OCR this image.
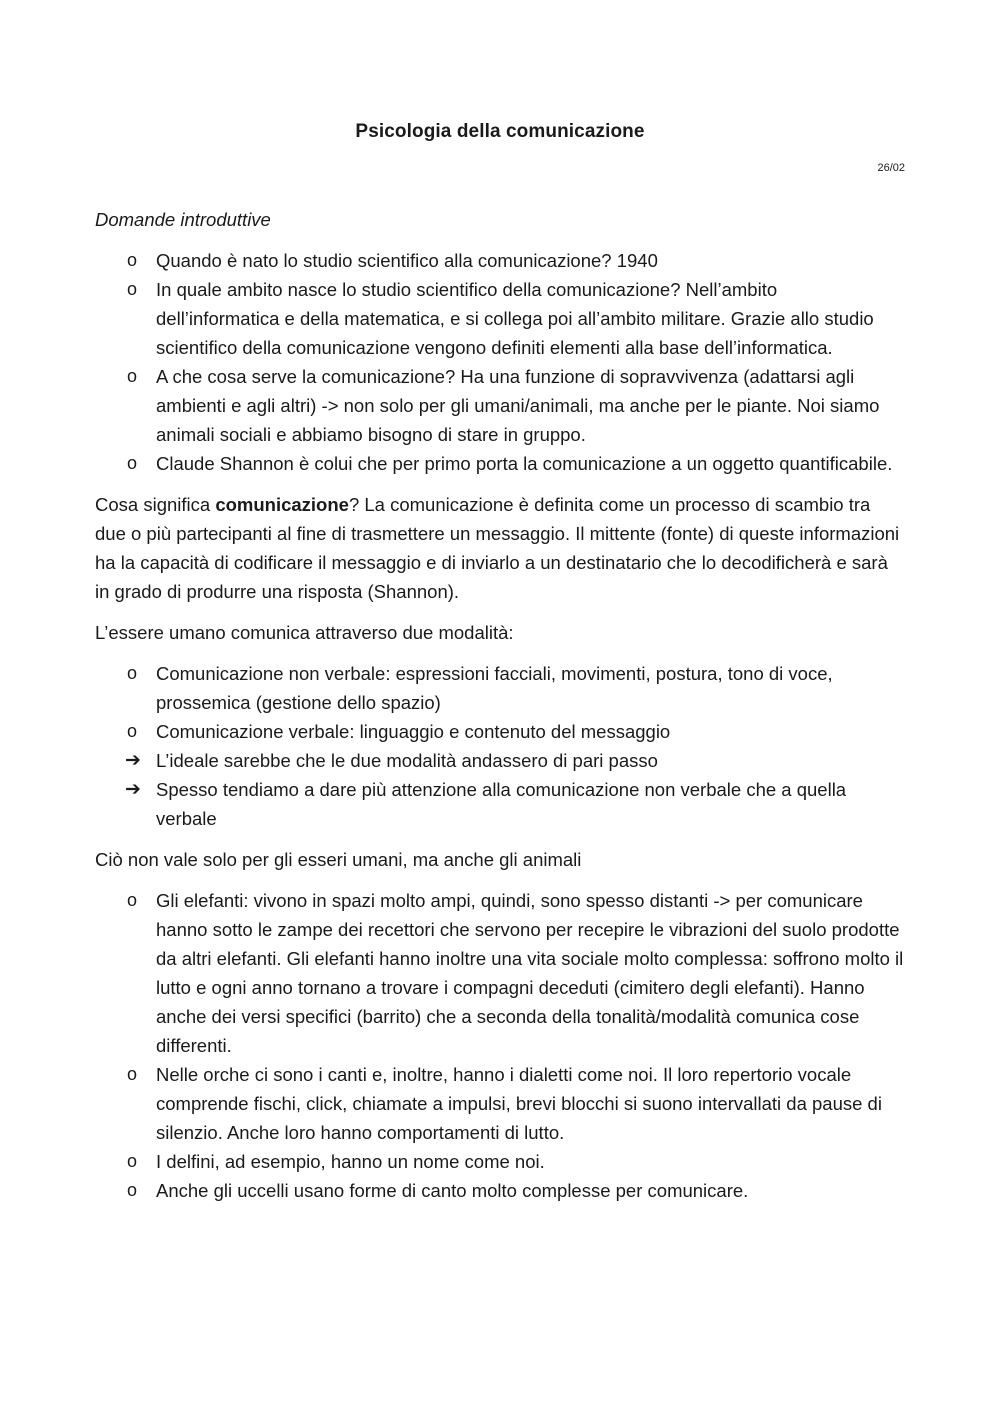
Psicologia della comunicazione
26/02
Domande introduttive
o	Quando è nato lo studio scientifico alla comunicazione? 1940
o	In quale ambito nasce lo studio scientifico della comunicazione? Nell’ambito dell’informatica e della matematica, e si collega poi all’ambito militare. Grazie allo studio scientifico della comunicazione vengono definiti elementi alla base dell’informatica.
o	A che cosa serve la comunicazione? Ha una funzione di sopravvivenza (adattarsi agli ambienti e agli altri) -> non solo per gli umani/animali, ma anche per le piante. Noi siamo animali sociali e abbiamo bisogno di stare in gruppo.
o	Claude Shannon è colui che per primo porta la comunicazione a un oggetto quantificabile.

Cosa significa comunicazione? La comunicazione è definita come un processo di scambio tra due o più partecipanti al fine di trasmettere un messaggio. Il mittente (fonte) di queste informazioni ha la capacità di codificare il messaggio e di inviarlo a un destinatario che lo decodificherà e sarà in grado di produrre una risposta (Shannon).

L’essere umano comunica attraverso due modalità:

o	Comunicazione non verbale: espressioni facciali, movimenti, postura, tono di voce, prossemica (gestione dello spazio)
o	Comunicazione verbale: linguaggio e contenuto del messaggio
➔ L’ideale sarebbe che le due modalità andassero di pari passo
➔ Spesso tendiamo a dare più attenzione alla comunicazione non verbale che a quella verbale

Ciò non vale solo per gli esseri umani, ma anche gli animali

o	Gli elefanti: vivono in spazi molto ampi, quindi, sono spesso distanti -> per comunicare hanno sotto le zampe dei recettori che servono per recepire le vibrazioni del suolo prodotte da altri elefanti. Gli elefanti hanno inoltre una vita sociale molto complessa: soffrono molto il lutto e ogni anno tornano a trovare i compagni deceduti (cimitero degli elefanti). Hanno anche dei versi specifici (barrito) che a seconda della tonalità/modalità comunica cose differenti.
o	Nelle orche ci sono i canti e, inoltre, hanno i dialetti come noi. Il loro repertorio vocale comprende fischi, click, chiamate a impulsi, brevi blocchi si suono intervallati da pause di silenzio. Anche loro hanno comportamenti di lutto.
o	I delfini, ad esempio, hanno un nome come noi.
o	Anche gli uccelli usano forme di canto molto complesse per comunicare.
